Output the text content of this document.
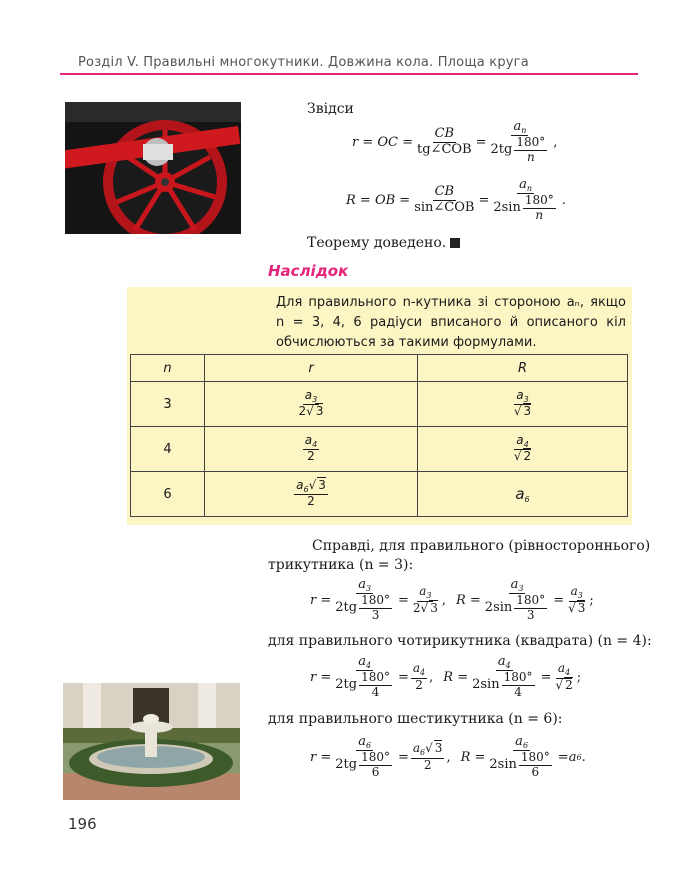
Розділ V. Правильні многокутники. Довжина кола. Площа круга
Звідси
r = OC = $\frac{CB}{\text{tg∠COB}} = \frac{a_n}{2tg \frac{180^\circ}{n}}$ ,
R = OB = $\frac{CB}{\text{sin∠COB}} = \frac{a_n}{2\sin \frac{180^\circ}{n}}$ .
Теорему доведено.
Наслідок
Для правильного n-кутника зі стороною aₙ, якщо n = 3, 4, 6 радіуси вписаного й описаного кіл обчислюються за такими формулами.
n	r	R
3	$\frac{a_3}{2√ 3}$	$\frac{a_3}{√ 3}$

4	$\frac{a_4}{2}$	$\frac{a_4}{√ 2}$

6	$\frac{a_6√ 3}{2}$	$a_6$
Справді, для правильного (рівностороннього)
трикутника (n = 3):
$r = \frac{a_3}{2tg \frac{180^\circ}{3}} = \frac{a_3}{2√ 3}$ , $R = \frac{a_3}{2\sin \frac{180^\circ}{3}} = \frac{a_3}{√ 3}$ ;
для правильного чотирикутника (квадрата) (n = 4):
$r = \frac{a_4}{2tg \frac{180^\circ}{4}} = \frac{a_4}{2}$ , $R = \frac{a_4}{2\sin \frac{180^\circ}{4}} = \frac{a_4}{√ 2}$ ;
для правильного шестикутника (n = 6):
$r = \frac{a_6}{2tg \frac{180^\circ}{6}} = \frac{a_6√ 3}{2}$ , $R = \frac{a_6}{2\sin \frac{180^\circ}{6}} = a$ 6 .
196
